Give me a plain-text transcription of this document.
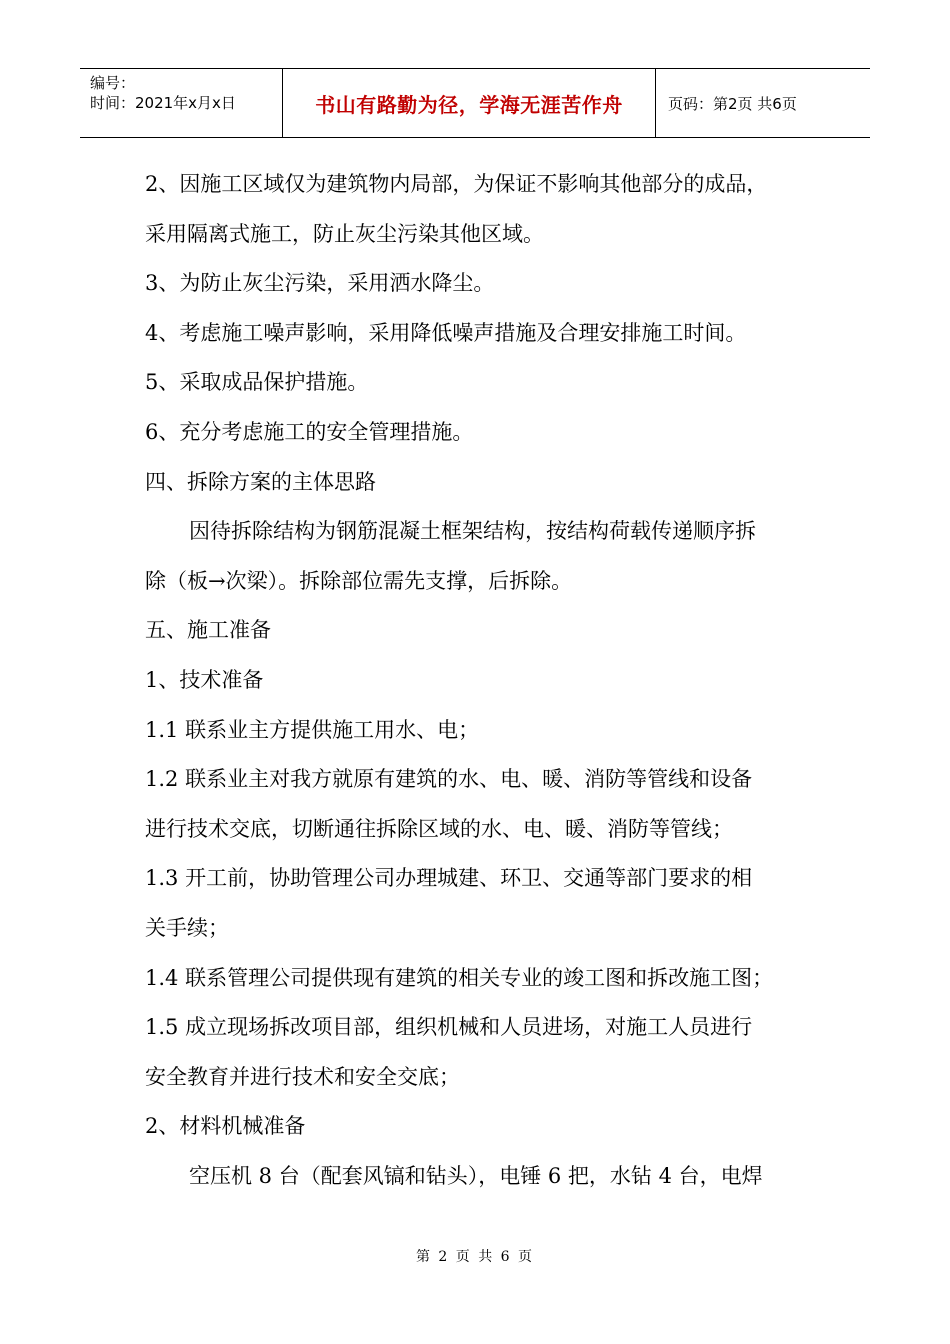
编号：
时间：2021年x月x日	书山有路勤为径，学海无涯苦作舟	页码：第2页 共6页
2、因施工区域仅为建筑物内局部，为保证不影响其他部分的成品，
采用隔离式施工，防止灰尘污染其他区域。
3、为防止灰尘污染，采用洒水降尘。
4、考虑施工噪声影响，采用降低噪声措施及合理安排施工时间。
5、采取成品保护措施。
6、充分考虑施工的安全管理措施。
四、拆除方案的主体思路
因待拆除结构为钢筋混凝土框架结构，按结构荷载传递顺序拆
除（板→次梁）。拆除部位需先支撑，后拆除。
五、施工准备
1、技术准备
1.1 联系业主方提供施工用水、电；
1.2 联系业主对我方就原有建筑的水、电、暖、消防等管线和设备
进行技术交底，切断通往拆除区域的水、电、暖、消防等管线；
1.3 开工前，协助管理公司办理城建、环卫、交通等部门要求的相
关手续；
1.4 联系管理公司提供现有建筑的相关专业的竣工图和拆改施工图；
1.5 成立现场拆改项目部，组织机械和人员进场，对施工人员进行
安全教育并进行技术和安全交底；
2、材料机械准备
空压机 8 台（配套风镐和钻头），电锤 6 把，水钻 4 台，电焊
第 2 页 共 6 页
